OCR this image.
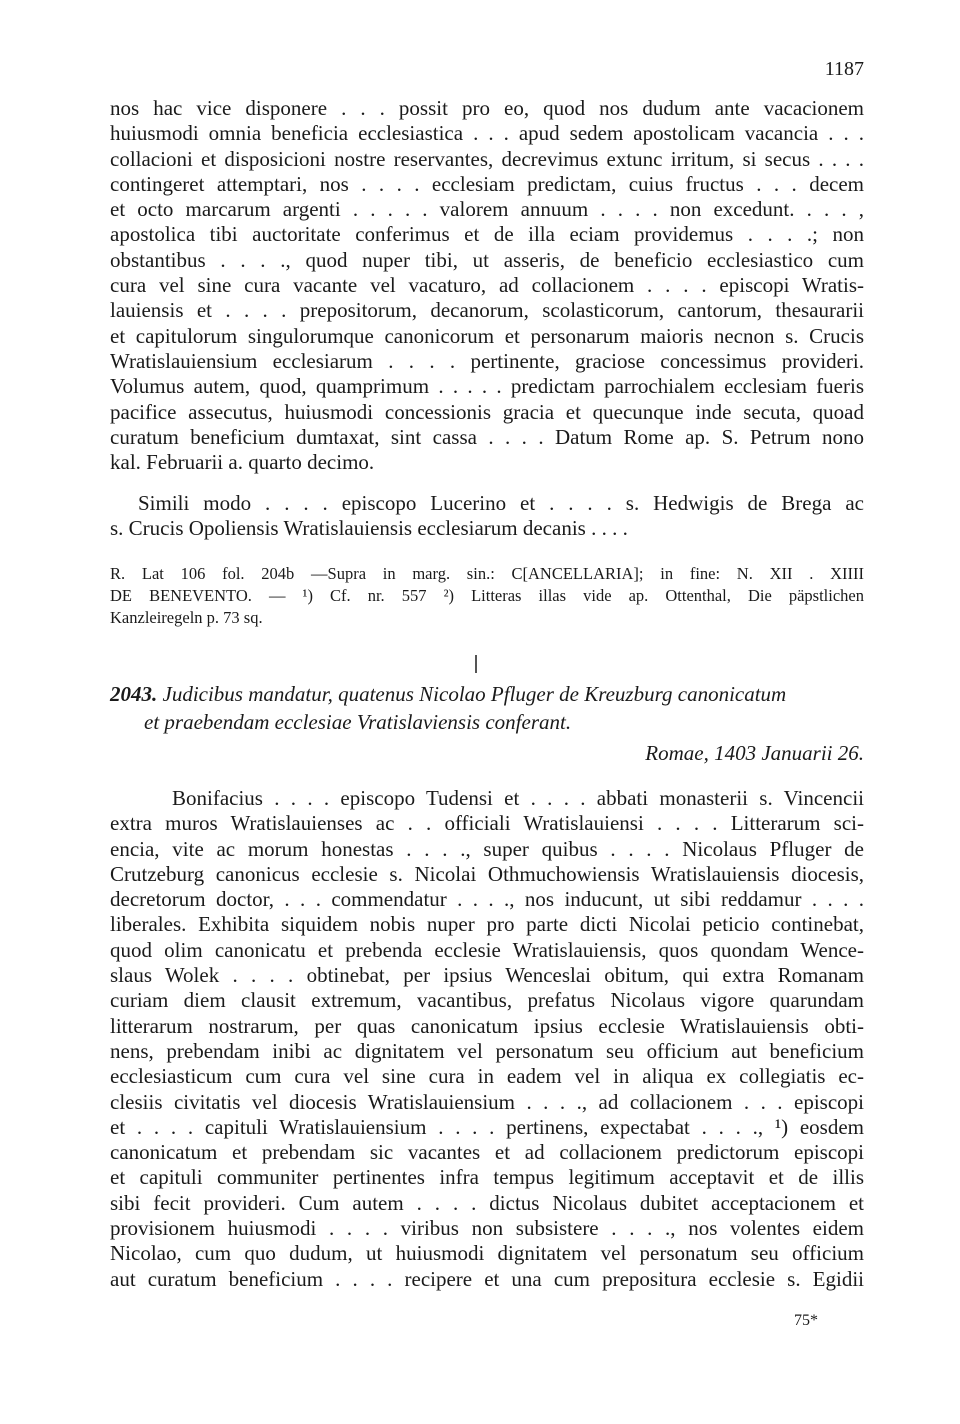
1187
nos hac vice disponere . . . possit pro eo, quod nos dudum ante vacacionem
huiusmodi omnia beneficia ecclesiastica . . . apud sedem apostolicam vacancia . . .
collacioni et disposicioni nostre reservantes, decrevimus extunc irritum, si secus . . . .
contingeret attemptari, nos . . . . ecclesiam predictam, cuius fructus . . . decem
et octo marcarum argenti . . . . . valorem annuum . . . . non excedunt. . . . ,
apostolica tibi auctoritate conferimus et de illa eciam providemus . . . .; non
obstantibus . . . ., quod nuper tibi, ut asseris, de beneficio ecclesiastico cum
cura vel sine cura vacante vel vacaturo, ad collacionem . . . . episcopi Wratis-
lauiensis et . . . . prepositorum, decanorum, scolasticorum, cantorum, thesaurarii
et capitulorum singulorumque canonicorum et personarum maioris necnon s. Crucis
Wratislauiensium ecclesiarum . . . . pertinente, graciose concessimus provideri.
Volumus autem, quod, quamprimum . . . . . predictam parrochialem ecclesiam fueris
pacifice assecutus, huiusmodi concessionis gracia et quecunque inde secuta, quoad
curatum beneficium dumtaxat, sint cassa . . . . Datum Rome ap. S. Petrum nono
kal. Februarii a. quarto decimo.
Simili modo . . . . episcopo Lucerino et . . . . s. Hedwigis de Brega ac
s. Crucis Opoliensis Wratislauiensis ecclesiarum decanis . . . .
R. Lat 106 fol. 204b —Supra in marg. sin.: C[ANCELLARIA]; in fine: N. XII . XIIII
DE BENEVENTO. — ¹) Cf. nr. 557 ²) Litteras illas vide ap. Ottenthal, Die päpstlichen
Kanzleiregeln p. 73 sq.
2043. Judicibus mandatur, quatenus Nicolao Pfluger de Kreuzburg canonicatum
et praebendam ecclesiae Vratislaviensis conferant.
Romae, 1403 Januarii 26.
Bonifacius . . . . episcopo Tudensi et . . . . abbati monasterii s. Vincencii
extra muros Wratislauienses ac . . officiali Wratislauiensi . . . . Litterarum sci-
encia, vite ac morum honestas . . . ., super quibus . . . . Nicolaus Pfluger de
Crutzeburg canonicus ecclesie s. Nicolai Othmuchowiensis Wratislauiensis diocesis,
decretorum doctor, . . . commendatur . . . ., nos inducunt, ut sibi reddamur . . . .
liberales. Exhibita siquidem nobis nuper pro parte dicti Nicolai peticio continebat,
quod olim canonicatu et prebenda ecclesie Wratislauiensis, quos quondam Wence-
slaus Wolek . . . . obtinebat, per ipsius Wenceslai obitum, qui extra Romanam
curiam diem clausit extremum, vacantibus, prefatus Nicolaus vigore quarundam
litterarum nostrarum, per quas canonicatum ipsius ecclesie Wratislauiensis obti-
nens, prebendam inibi ac dignitatem vel personatum seu officium aut beneficium
ecclesiasticum cum cura vel sine cura in eadem vel in aliqua ex collegiatis ec-
clesiis civitatis vel diocesis Wratislauiensium . . . ., ad collacionem . . . episcopi
et . . . . capituli Wratislauiensium . . . . pertinens, expectabat . . . ., ¹) eosdem
canonicatum et prebendam sic vacantes et ad collacionem predictorum episcopi
et capituli communiter pertinentes infra tempus legitimum acceptavit et de illis
sibi fecit provideri. Cum autem . . . . dictus Nicolaus dubitet acceptacionem et
provisionem huiusmodi . . . . viribus non subsistere . . . ., nos volentes eidem
Nicolao, cum quo dudum, ut huiusmodi dignitatem vel personatum seu officium
aut curatum beneficium . . . . recipere et una cum prepositura ecclesie s. Egidii
75*
